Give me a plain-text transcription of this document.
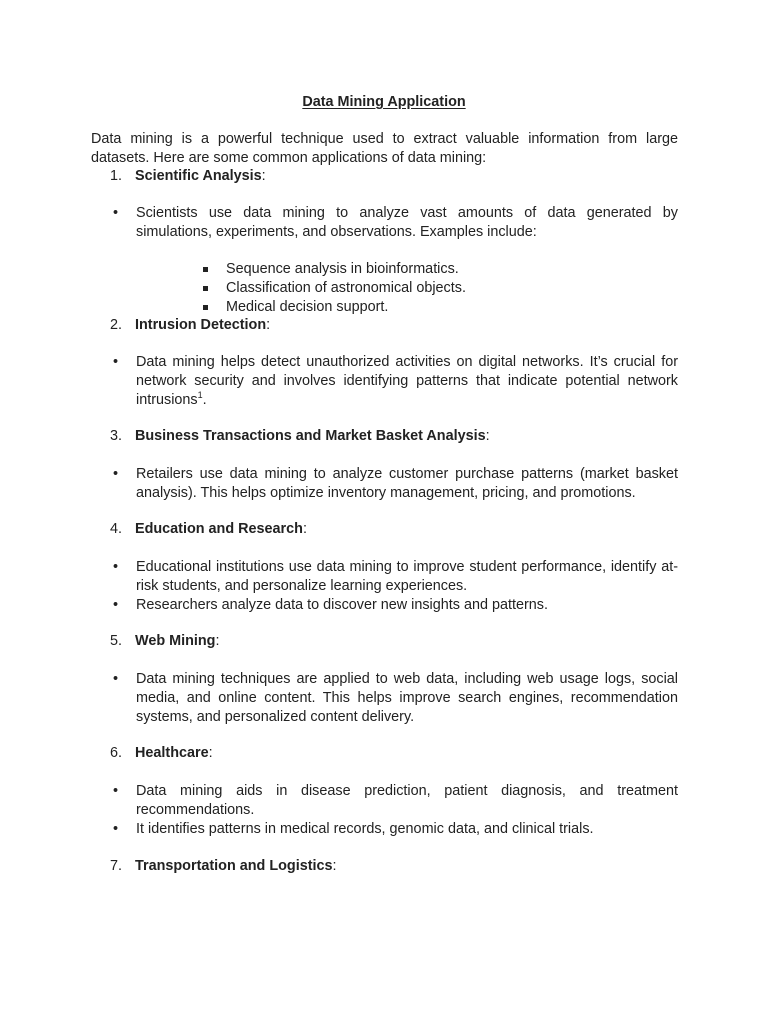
Data Mining Application
Data mining is a powerful technique used to extract valuable information from large datasets. Here are some common applications of data mining:
1. Scientific Analysis:
• Scientists use data mining to analyze vast amounts of data generated by simulations, experiments, and observations. Examples include:
Sequence analysis in bioinformatics.
Classification of astronomical objects.
Medical decision support.
2. Intrusion Detection:
• Data mining helps detect unauthorized activities on digital networks. It’s crucial for network security and involves identifying patterns that indicate potential network intrusions$^1$.
3. Business Transactions and Market Basket Analysis:
• Retailers use data mining to analyze customer purchase patterns (market basket analysis). This helps optimize inventory management, pricing, and promotions.
4. Education and Research:
• Educational institutions use data mining to improve student performance, identify at-risk students, and personalize learning experiences.
• Researchers analyze data to discover new insights and patterns.
5. Web Mining:
• Data mining techniques are applied to web data, including web usage logs, social media, and online content. This helps improve search engines, recommendation systems, and personalized content delivery.
6. Healthcare:
• Data mining aids in disease prediction, patient diagnosis, and treatment recommendations.
• It identifies patterns in medical records, genomic data, and clinical trials.
7. Transportation and Logistics:
